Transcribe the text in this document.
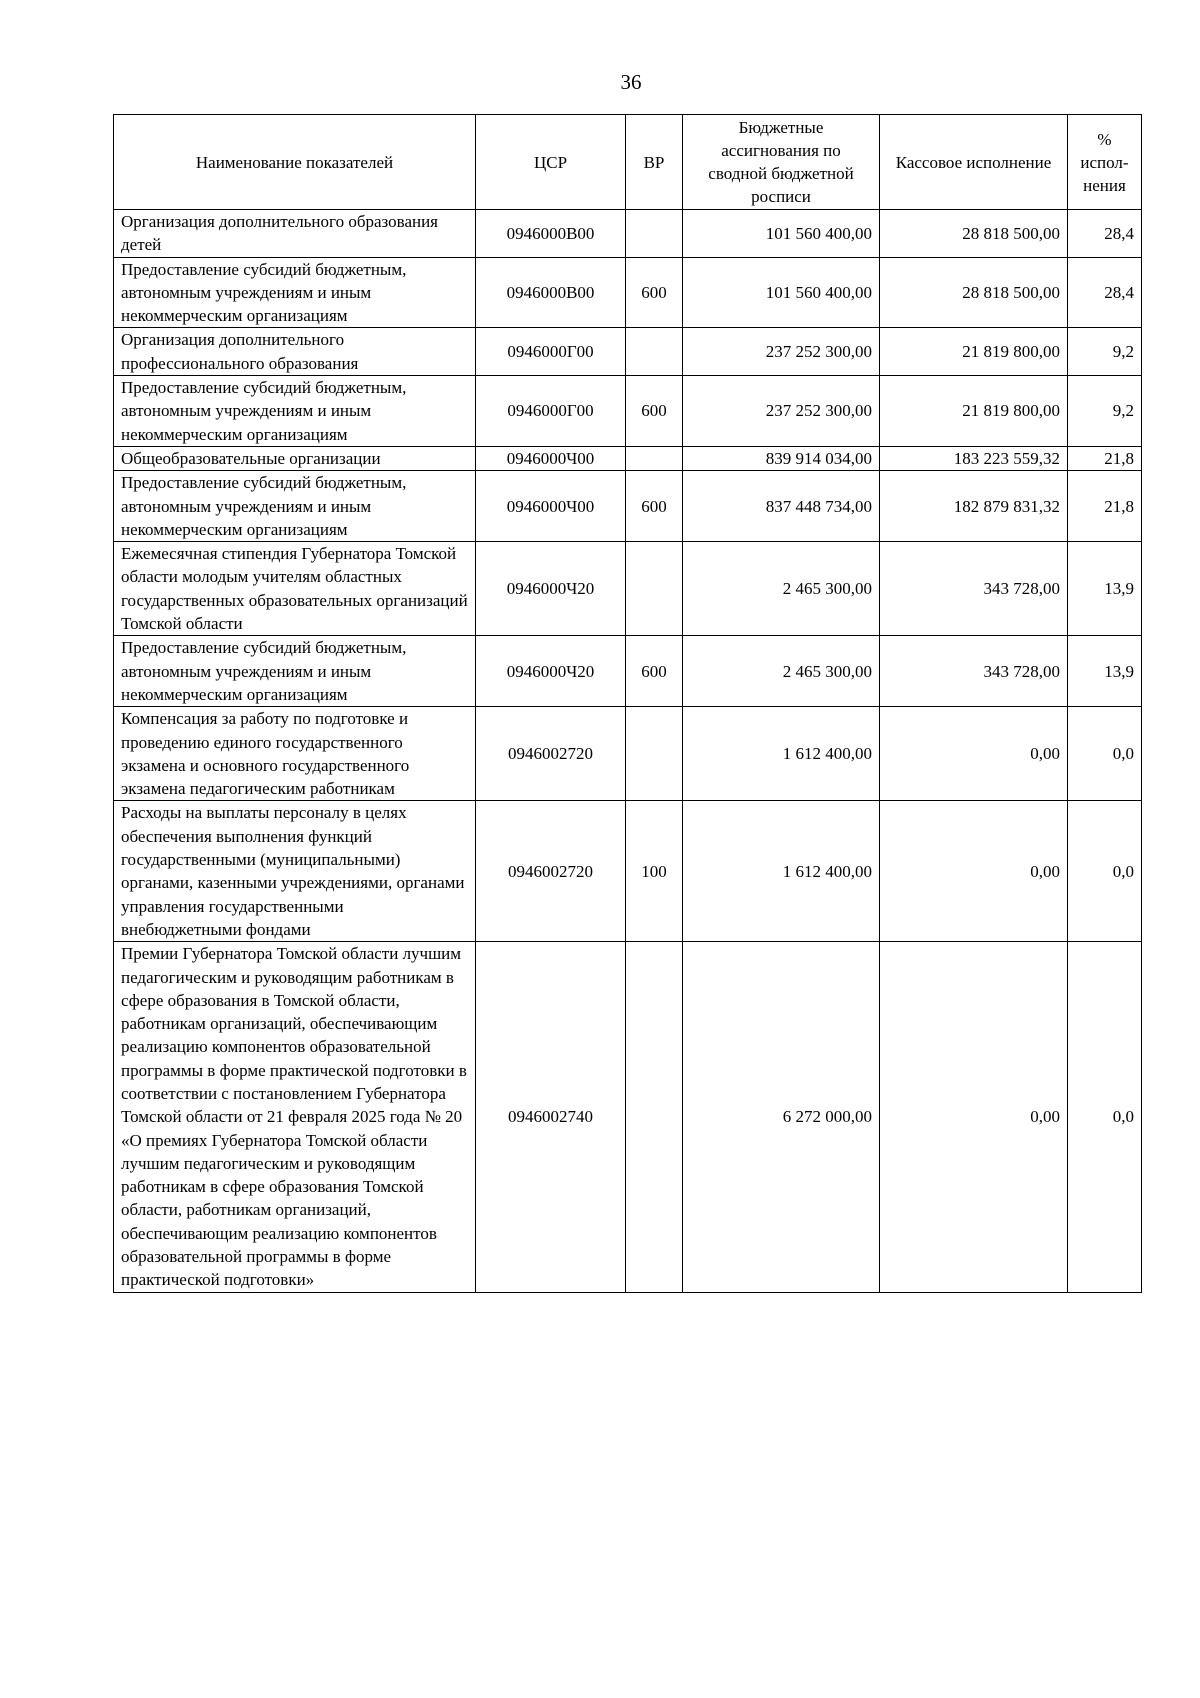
36
Наименование показателей	ЦСР	ВР	Бюджетные ассигнования по сводной бюджетной росписи	Кассовое исполнение	% испол-нения
Организация дополнительного образования детей	0946000В00		101 560 400,00	28 818 500,00	28,4
Предоставление субсидий бюджетным, автономным учреждениям и иным некоммерческим организациям	0946000В00	600	101 560 400,00	28 818 500,00	28,4
Организация дополнительного профессионального образования	0946000Г00		237 252 300,00	21 819 800,00	9,2
Предоставление субсидий бюджетным, автономным учреждениям и иным некоммерческим организациям	0946000Г00	600	237 252 300,00	21 819 800,00	9,2
Общеобразовательные организации	0946000Ч00		839 914 034,00	183 223 559,32	21,8
Предоставление субсидий бюджетным, автономным учреждениям и иным некоммерческим организациям	0946000Ч00	600	837 448 734,00	182 879 831,32	21,8
Ежемесячная стипендия Губернатора Томской области молодым учителям областных государственных образовательных организаций Томской области	0946000Ч20		2 465 300,00	343 728,00	13,9
Предоставление субсидий бюджетным, автономным учреждениям и иным некоммерческим организациям	0946000Ч20	600	2 465 300,00	343 728,00	13,9
Компенсация за работу по подготовке и проведению единого государственного экзамена и основного государственного экзамена педагогическим работникам	0946002720		1 612 400,00	0,00	0,0
Расходы на выплаты персоналу в целях обеспечения выполнения функций государственными (муниципальными) органами, казенными учреждениями, органами управления государственными внебюджетными фондами	0946002720	100	1 612 400,00	0,00	0,0
Премии Губернатора Томской области лучшим педагогическим и руководящим работникам в сфере образования в Томской области, работникам организаций, обеспечивающим реализацию компонентов образовательной программы в форме практической подготовки в соответствии с постановлением Губернатора Томской области от 21 февраля 2025 года № 20 «О премиях Губернатора Томской области лучшим педагогическим и руководящим работникам в сфере образования Томской области, работникам организаций, обеспечивающим реализацию компонентов образовательной программы в форме практической подготовки»	0946002740		6 272 000,00	0,00	0,0
